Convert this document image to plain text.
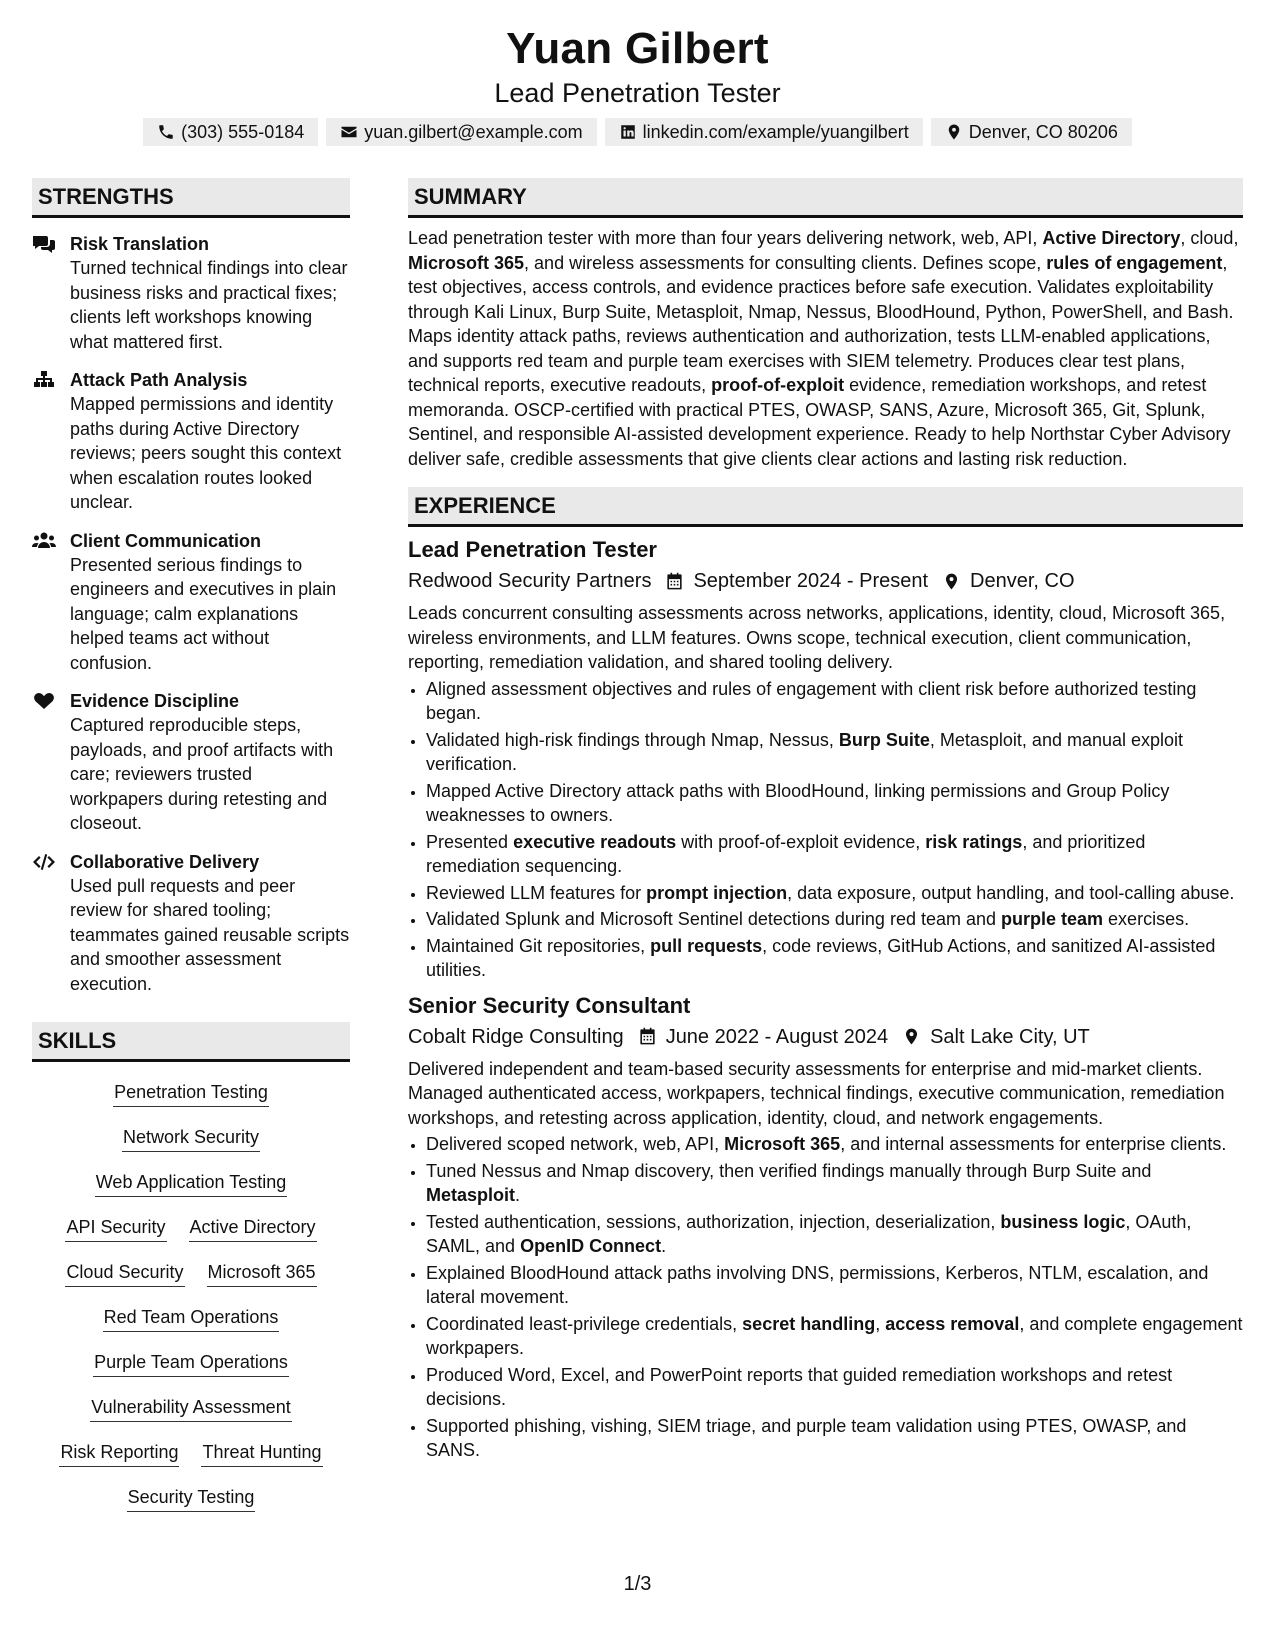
Yuan Gilbert
Lead Penetration Tester
(303) 555-0184	yuan.gilbert@example.com	linkedin.com/example/yuangilbert	Denver, CO 80206
STRENGTHS
Risk Translation
Turned technical findings into clear business risks and practical fixes; clients left workshops knowing what mattered first.
Attack Path Analysis
Mapped permissions and identity paths during Active Directory reviews; peers sought this context when escalation routes looked unclear.
Client Communication
Presented serious findings to engineers and executives in plain language; calm explanations helped teams act without confusion.
Evidence Discipline
Captured reproducible steps, payloads, and proof artifacts with care; reviewers trusted workpapers during retesting and closeout.
Collaborative Delivery
Used pull requests and peer review for shared tooling; teammates gained reusable scripts and smoother assessment execution.
SKILLS
Penetration Testing
Network Security
Web Application Testing
API Security Active Directory
Cloud Security Microsoft 365
Red Team Operations
Purple Team Operations
Vulnerability Assessment
Risk Reporting Threat Hunting
Security Testing
SUMMARY
Lead penetration tester with more than four years delivering network, web, API, Active Directory, cloud, Microsoft 365, and wireless assessments for consulting clients. Defines scope, rules of engagement, test objectives, access controls, and evidence practices before safe execution. Validates exploitability through Kali Linux, Burp Suite, Metasploit, Nmap, Nessus, BloodHound, Python, PowerShell, and Bash. Maps identity attack paths, reviews authentication and authorization, tests LLM-enabled applications, and supports red team and purple team exercises with SIEM telemetry. Produces clear test plans, technical reports, executive readouts, proof-of-exploit evidence, remediation workshops, and retest memoranda. OSCP-certified with practical PTES, OWASP, SANS, Azure, Microsoft 365, Git, Splunk, Sentinel, and responsible AI-assisted development experience. Ready to help Northstar Cyber Advisory deliver safe, credible assessments that give clients clear actions and lasting risk reduction.
EXPERIENCE
Lead Penetration Tester
Redwood Security Partners September 2024 - Present Denver, CO
Leads concurrent consulting assessments across networks, applications, identity, cloud, Microsoft 365, wireless environments, and LLM features. Owns scope, technical execution, client communication, reporting, remediation validation, and shared tooling delivery.
• Aligned assessment objectives and rules of engagement with client risk before authorized testing began.
• Validated high-risk findings through Nmap, Nessus, Burp Suite, Metasploit, and manual exploit verification.
• Mapped Active Directory attack paths with BloodHound, linking permissions and Group Policy weaknesses to owners.
• Presented executive readouts with proof-of-exploit evidence, risk ratings, and prioritized remediation sequencing.
• Reviewed LLM features for prompt injection, data exposure, output handling, and tool-calling abuse.
• Validated Splunk and Microsoft Sentinel detections during red team and purple team exercises.
• Maintained Git repositories, pull requests, code reviews, GitHub Actions, and sanitized AI-assisted utilities.
Senior Security Consultant
Cobalt Ridge Consulting June 2022 - August 2024 Salt Lake City, UT
Delivered independent and team-based security assessments for enterprise and mid-market clients. Managed authenticated access, workpapers, technical findings, executive communication, remediation workshops, and retesting across application, identity, cloud, and network engagements.
• Delivered scoped network, web, API, Microsoft 365, and internal assessments for enterprise clients.
• Tuned Nessus and Nmap discovery, then verified findings manually through Burp Suite and Metasploit.
• Tested authentication, sessions, authorization, injection, deserialization, business logic, OAuth, SAML, and OpenID Connect.
• Explained BloodHound attack paths involving DNS, permissions, Kerberos, NTLM, escalation, and lateral movement.
• Coordinated least-privilege credentials, secret handling, access removal, and complete engagement workpapers.
• Produced Word, Excel, and PowerPoint reports that guided remediation workshops and retest decisions.
• Supported phishing, vishing, SIEM triage, and purple team validation using PTES, OWASP, and SANS.
1/3
